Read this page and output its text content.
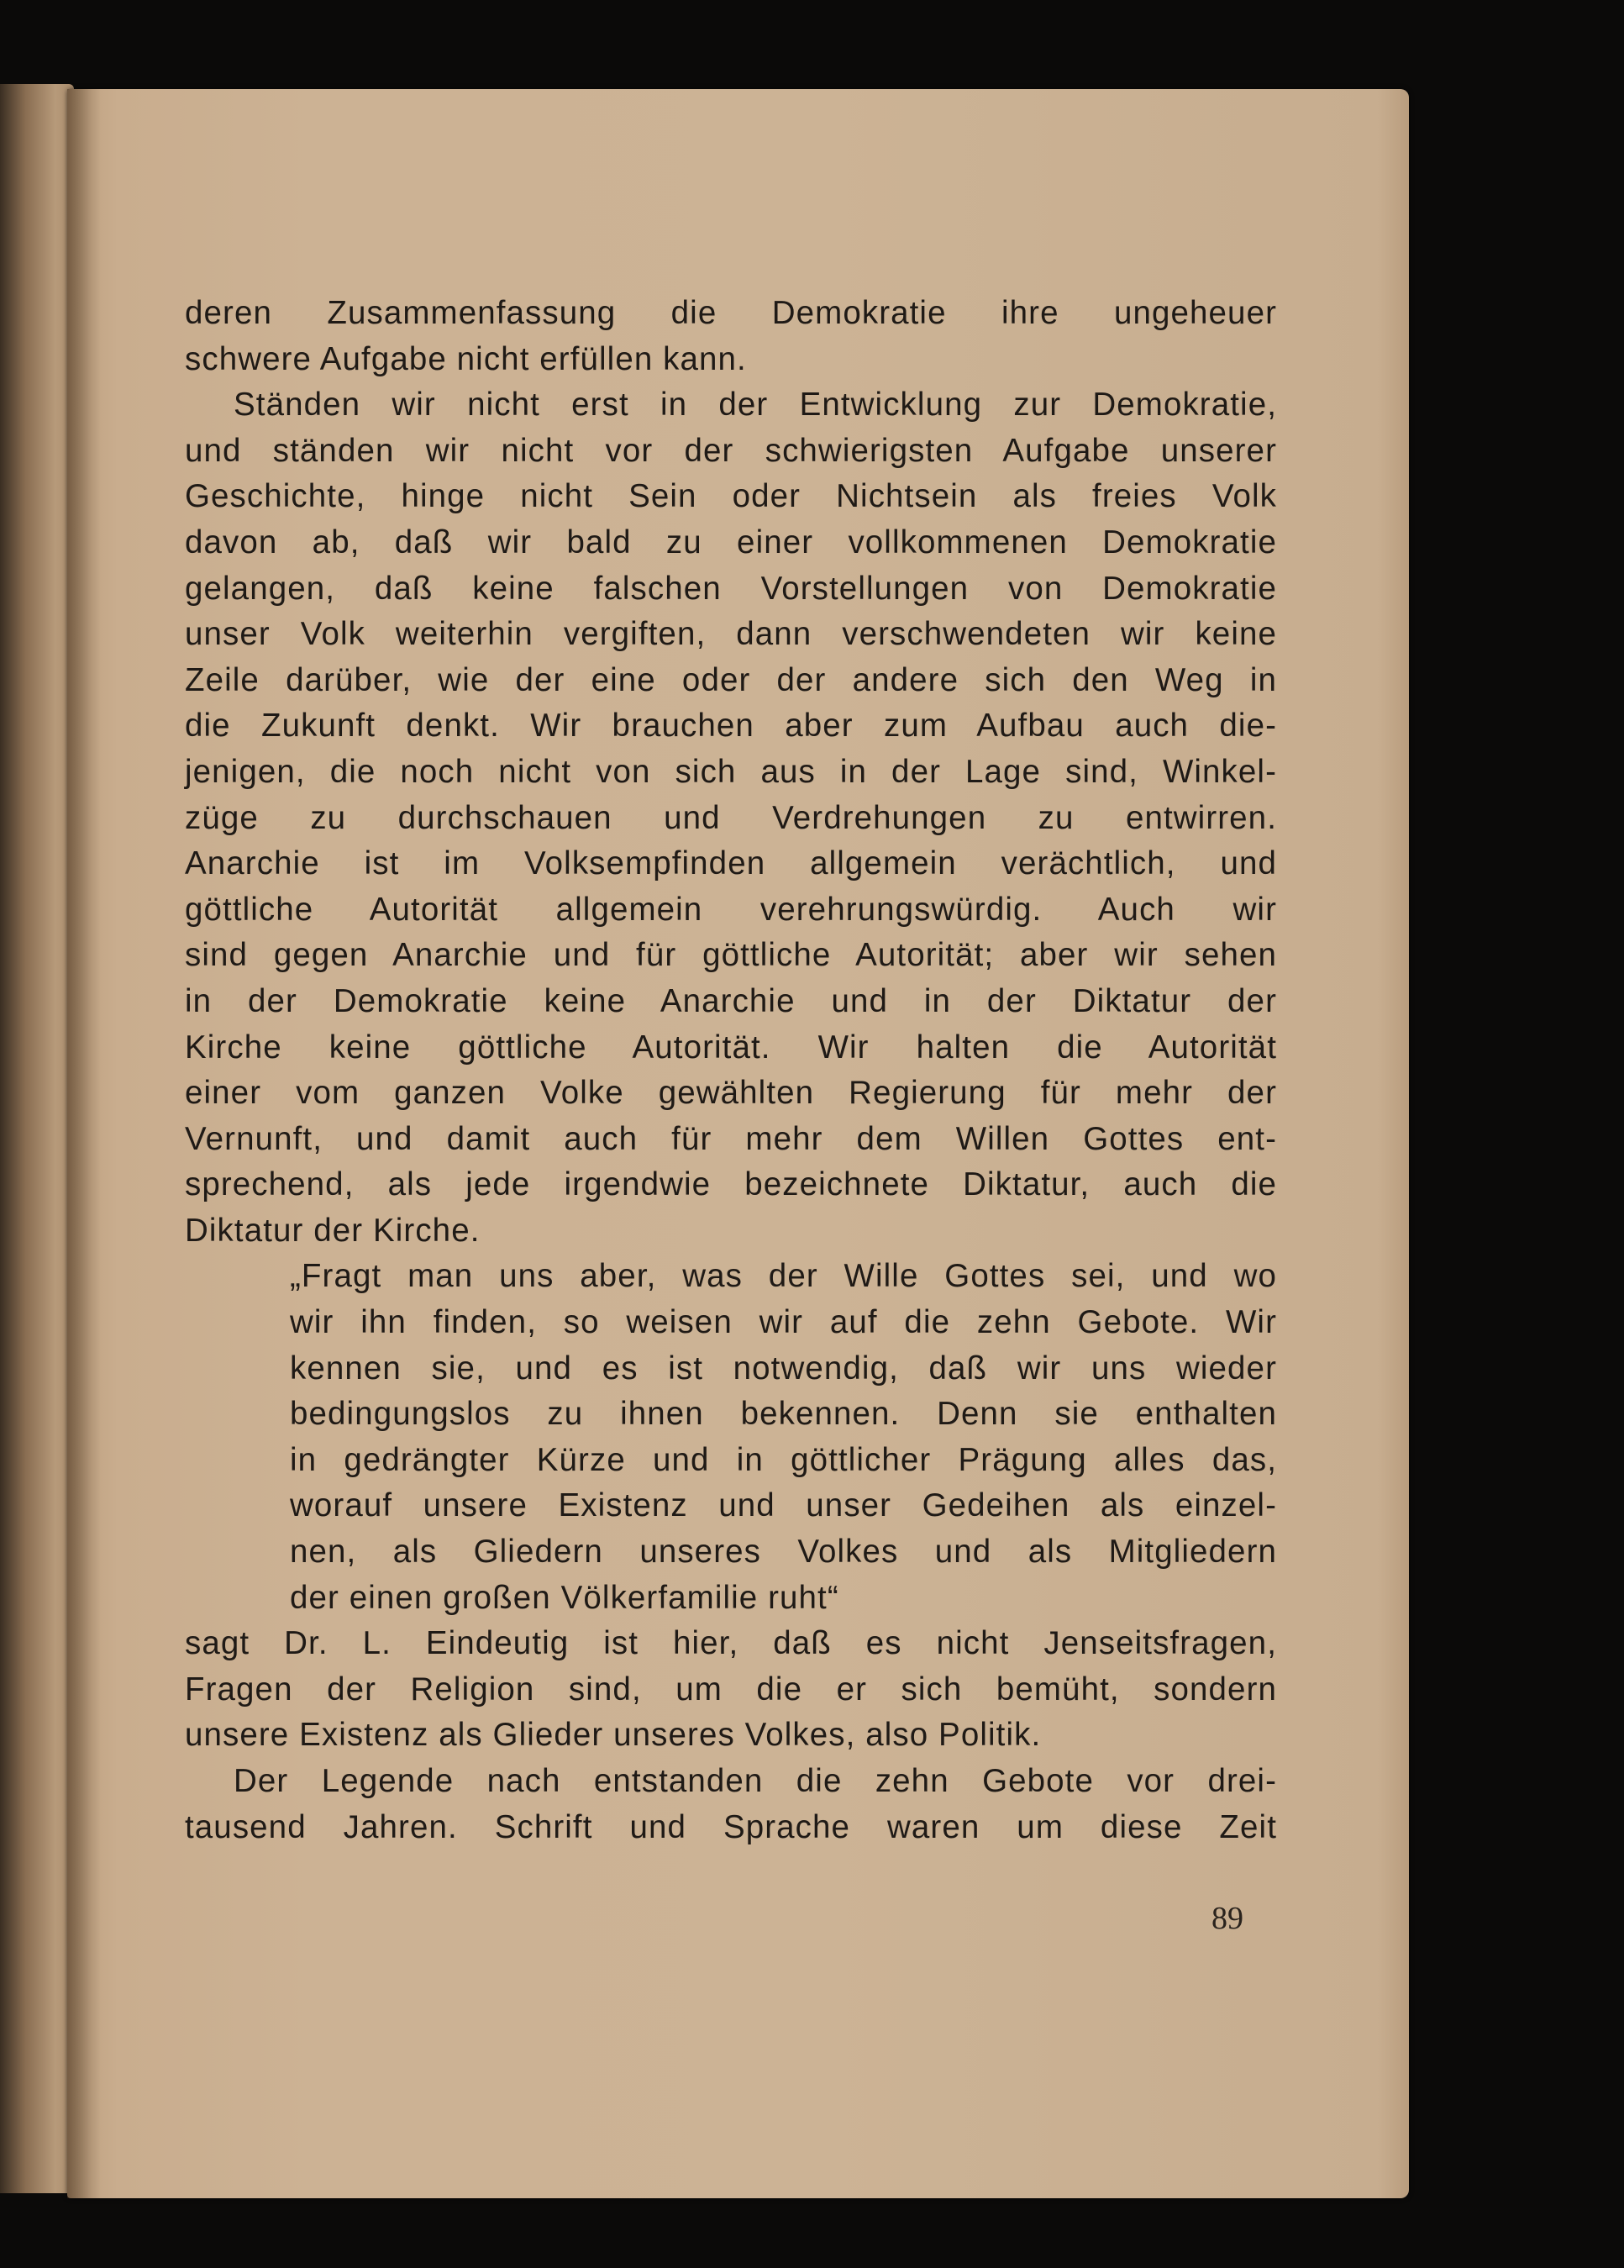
deren Zusammenfassung die Demokratie ihre ungeheuer
schwere Aufgabe nicht erfüllen kann.
Ständen wir nicht erst in der Entwicklung zur Demokratie,
und ständen wir nicht vor der schwierigsten Aufgabe unserer
Geschichte, hinge nicht Sein oder Nichtsein als freies Volk
davon ab, daß wir bald zu einer vollkommenen Demokratie
gelangen, daß keine falschen Vorstellungen von Demokratie
unser Volk weiterhin vergiften, dann verschwendeten wir keine
Zeile darüber, wie der eine oder der andere sich den Weg in
die Zukunft denkt. Wir brauchen aber zum Aufbau auch die-
jenigen, die noch nicht von sich aus in der Lage sind, Winkel-
züge zu durchschauen und Verdrehungen zu entwirren.
Anarchie ist im Volksempfinden allgemein verächtlich, und
göttliche Autorität allgemein verehrungswürdig. Auch wir
sind gegen Anarchie und für göttliche Autorität; aber wir sehen
in der Demokratie keine Anarchie und in der Diktatur der
Kirche keine göttliche Autorität. Wir halten die Autorität
einer vom ganzen Volke gewählten Regierung für mehr der
Vernunft, und damit auch für mehr dem Willen Gottes ent-
sprechend, als jede irgendwie bezeichnete Diktatur, auch die
Diktatur der Kirche.
„Fragt man uns aber, was der Wille Gottes sei, und wo
wir ihn finden, so weisen wir auf die zehn Gebote. Wir
kennen sie, und es ist notwendig, daß wir uns wieder
bedingungslos zu ihnen bekennen. Denn sie enthalten
in gedrängter Kürze und in göttlicher Prägung alles das,
worauf unsere Existenz und unser Gedeihen als einzel-
nen, als Gliedern unseres Volkes und als Mitgliedern
der einen großen Völkerfamilie ruht“
sagt Dr. L. Eindeutig ist hier, daß es nicht Jenseitsfragen,
Fragen der Religion sind, um die er sich bemüht, sondern
unsere Existenz als Glieder unseres Volkes, also Politik.
Der Legende nach entstanden die zehn Gebote vor drei-
tausend Jahren. Schrift und Sprache waren um diese Zeit
89
